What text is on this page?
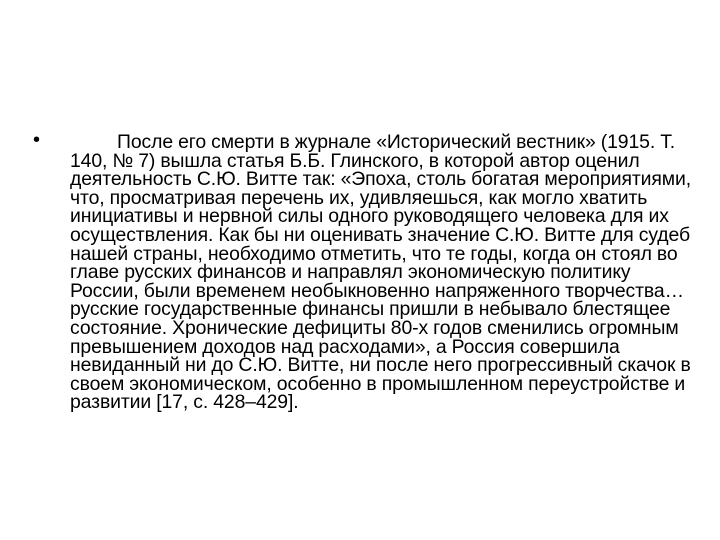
•	После его смерти в журнале «Исторический вестник» (1915. Т. 140, № 7) вышла статья Б.Б. Глинского, в которой автор оценил деятельность С.Ю. Витте так: «Эпоха, столь богатая мероприятиями, что, просматривая перечень их, удивляешься, как могло хватить инициативы и нервной силы одного руководящего человека для их осуществления. Как бы ни оценивать значение С.Ю. Витте для судеб нашей страны, необходимо отметить, что те годы, когда он стоял во главе русских финансов и направлял экономическую политику России, были временем необыкновенно напряженного творчества… русские государственные финансы пришли в небывало блестящее состояние. Хронические дефициты 80-х годов сменились огромным превышением доходов над расходами», а Россия совершила невиданный ни до С.Ю. Витте, ни после него прогрессивный скачок в своем экономическом, особенно в промышленном переустройстве и развитии [17, с. 428–429].
